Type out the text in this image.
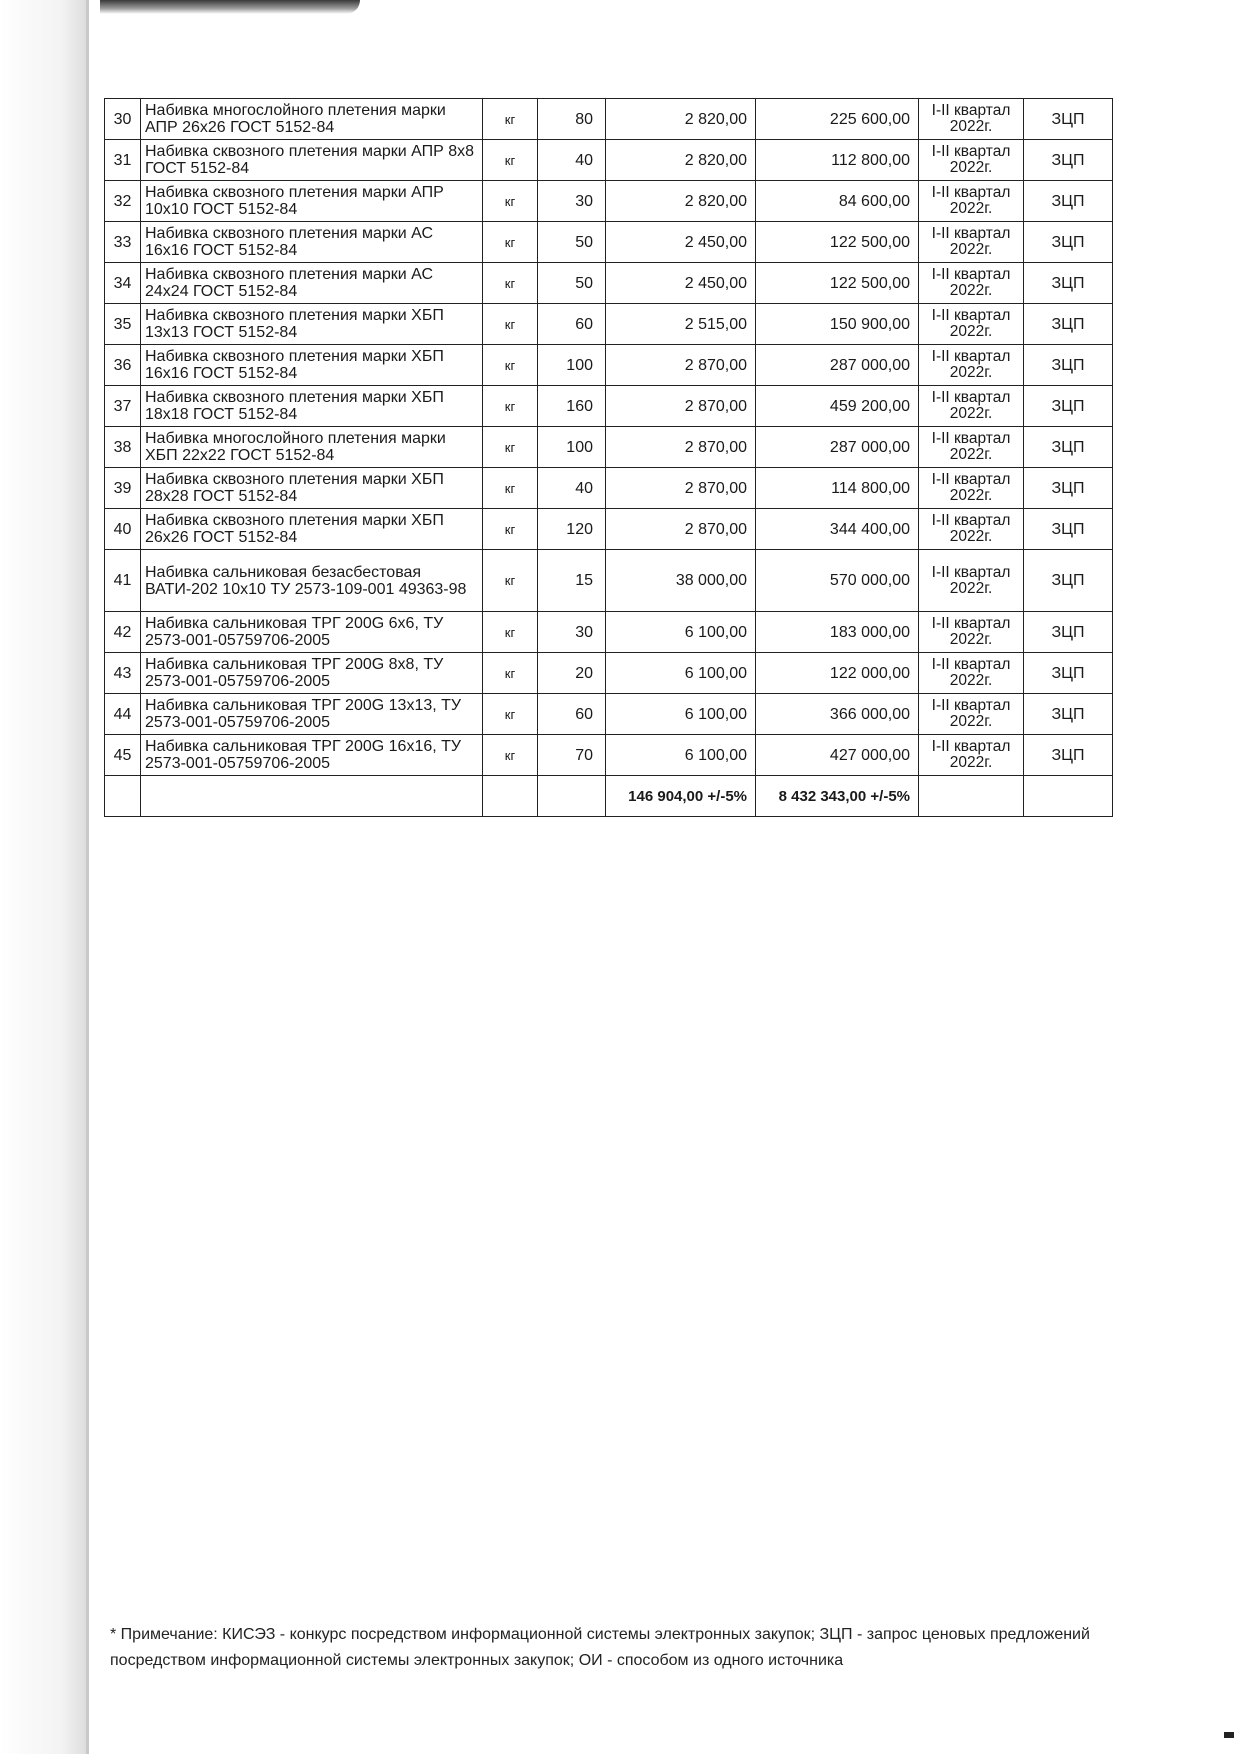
30	Набивка многослойного плетения марки АПР 26х26 ГОСТ 5152-84	кг	80	2 820,00	225 600,00	I-II квартал 2022г.	ЗЦП
31	Набивка сквозного плетения марки АПР 8х8 ГОСТ 5152-84	кг	40	2 820,00	112 800,00	I-II квартал 2022г.	ЗЦП
32	Набивка сквозного плетения марки АПР 10х10 ГОСТ 5152-84	кг	30	2 820,00	84 600,00	I-II квартал 2022г.	ЗЦП
33	Набивка сквозного плетения марки АС 16х16 ГОСТ 5152-84	кг	50	2 450,00	122 500,00	I-II квартал 2022г.	ЗЦП
34	Набивка сквозного плетения марки АС 24х24 ГОСТ 5152-84	кг	50	2 450,00	122 500,00	I-II квартал 2022г.	ЗЦП
35	Набивка сквозного плетения марки ХБП 13х13 ГОСТ 5152-84	кг	60	2 515,00	150 900,00	I-II квартал 2022г.	ЗЦП
36	Набивка сквозного плетения марки ХБП 16х16 ГОСТ 5152-84	кг	100	2 870,00	287 000,00	I-II квартал 2022г.	ЗЦП
37	Набивка сквозного плетения марки ХБП 18х18 ГОСТ 5152-84	кг	160	2 870,00	459 200,00	I-II квартал 2022г.	ЗЦП
38	Набивка многослойного плетения марки ХБП 22х22 ГОСТ 5152-84	кг	100	2 870,00	287 000,00	I-II квартал 2022г.	ЗЦП
39	Набивка сквозного плетения марки ХБП 28х28 ГОСТ 5152-84	кг	40	2 870,00	114 800,00	I-II квартал 2022г.	ЗЦП
40	Набивка сквозного плетения марки ХБП 26х26 ГОСТ 5152-84	кг	120	2 870,00	344 400,00	I-II квартал 2022г.	ЗЦП
41	Набивка сальниковая безасбестовая ВАТИ-202 10х10 ТУ 2573-109-001 49363-98	кг	15	38 000,00	570 000,00	I-II квартал 2022г.	ЗЦП
42	Набивка сальниковая ТРГ 200G 6х6, ТУ 2573-001-05759706-2005	кг	30	6 100,00	183 000,00	I-II квартал 2022г.	ЗЦП
43	Набивка сальниковая ТРГ 200G 8х8, ТУ 2573-001-05759706-2005	кг	20	6 100,00	122 000,00	I-II квартал 2022г.	ЗЦП
44	Набивка сальниковая ТРГ 200G 13х13, ТУ 2573-001-05759706-2005	кг	60	6 100,00	366 000,00	I-II квартал 2022г.	ЗЦП
45	Набивка сальниковая ТРГ 200G 16х16, ТУ 2573-001-05759706-2005	кг	70	6 100,00	427 000,00	I-II квартал 2022г.	ЗЦП
				146 904,00 +/-5%	8 432 343,00 +/-5%		
* Примечание: КИСЭЗ - конкурс посредством информационной системы электронных закупок; ЗЦП - запрос ценовых предложений посредством информационной системы электронных закупок; ОИ - способом из одного источника
